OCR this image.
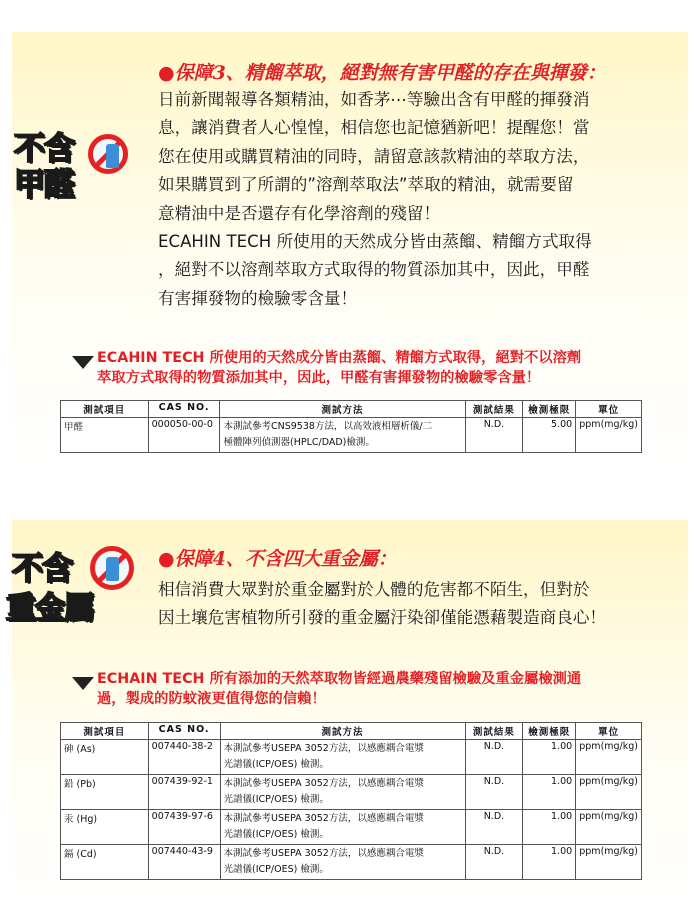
不含
甲醛
●保障3、精餾萃取，絕對無有害甲醛的存在與揮發：
日前新聞報導各類精油，如香茅⋯等驗出含有甲醛的揮發消
息，讓消費者人心惶惶，相信您也記憶猶新吧！提醒您！當
您在使用或購買精油的同時，請留意該款精油的萃取方法，
如果購買到了所謂的”溶劑萃取法”萃取的精油，就需要留
意精油中是否還存有化學溶劑的殘留！
ECAHIN TECH 所使用的天然成分皆由蒸餾、精餾方式取得
，絕對不以溶劑萃取方式取得的物質添加其中，因此，甲醛
有害揮發物的檢驗零含量！
ECAHIN TECH 所使用的天然成分皆由蒸餾、精餾方式取得，絕對不以溶劑
萃取方式取得的物質添加其中，因此，甲醛有害揮發物的檢驗零含量！
測試項目	CAS NO.	測試方法	測試結果	檢測極限	單位
甲醛	000050-00-0	本測試參考CNS9538方法，以高效液相層析儀/二
極體陣列偵測器(HPLC/DAD)檢測。	N.D.	5.00	ppm(mg/kg)
不含
重金屬
●保障4、不含四大重金屬：
相信消費大眾對於重金屬對於人體的危害都不陌生，但對於
因土壤危害植物所引發的重金屬汙染卻僅能憑藉製造商良心！
ECHAIN TECH 所有添加的天然萃取物皆經過農藥殘留檢驗及重金屬檢測通
過，製成的防蚊液更值得您的信賴！
測試項目	CAS NO.	測試方法	測試結果	檢測極限	單位
砷 (As)	007440-38-2	本測試參考USEPA 3052方法，以感應耦合電漿
光譜儀(ICP/OES) 檢測。	N.D.	1.00	ppm(mg/kg)
鉛 (Pb)	007439-92-1	本測試參考USEPA 3052方法，以感應耦合電漿
光譜儀(ICP/OES) 檢測。	N.D.	1.00	ppm(mg/kg)
汞 (Hg)	007439-97-6	本測試參考USEPA 3052方法，以感應耦合電漿
光譜儀(ICP/OES) 檢測。	N.D.	1.00	ppm(mg/kg)
鎘 (Cd)	007440-43-9	本測試參考USEPA 3052方法，以感應耦合電漿
光譜儀(ICP/OES) 檢測。	N.D.	1.00	ppm(mg/kg)
